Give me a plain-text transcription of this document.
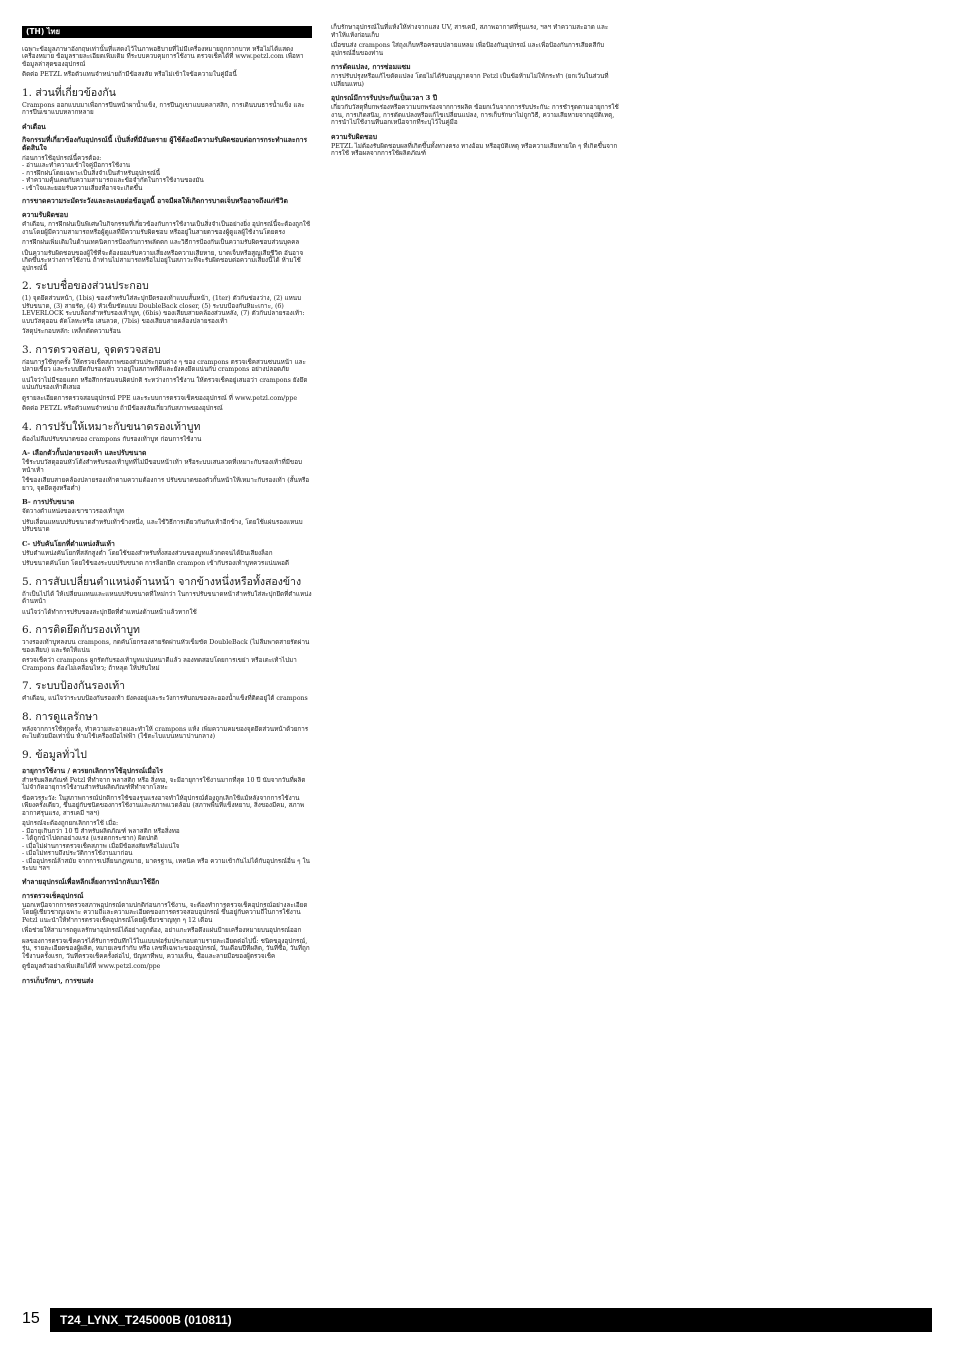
(TH) ไทย

เฉพาะข้อมูลภาษาอังกฤษเท่านั้นที่แสดงไว้ในภาพอธิบายที่ไม่มีเครื่องหมายถูกกากบาท หรือไม่ได้แสดงเครื่องหมาย ข้อมูลรายละเอียดเพิ่มเติม ที่ระบบควบคุมการใช้งาน ตรวจเช็คได้ที่ www.petzl.com เพื่อหาข้อมูลล่าสุดของอุปกรณ์

ติดต่อ PETZL หรือตัวแทนจำหน่ายถ้ามีข้อสงสัย หรือไม่เข้าใจข้อความในคู่มือนี้

1. ส่วนที่เกี่ยวข้องกัน

Crampons ออกแบบมาเพื่อการปีนหน้าผาน้ำแข็ง, การปีนภูเขาแบบคลาสสิก, การเดินบนธารน้ำแข็ง และการปีนเขาแบบหลากหลาย

คำเตือน
กิจกรรมที่เกี่ยวข้องกับอุปกรณ์นี้ เป็นสิ่งที่มีอันตราย ผู้ใช้ต้องมีความรับผิดชอบต่อการกระทำและการตัดสินใจ

ก่อนการใช้อุปกรณ์นี้ควรต้อง:

- อ่านและทำความเข้าใจคู่มือการใช้งาน

- การฝึกฝนโดยเฉพาะเป็นสิ่งจำเป็นสำหรับอุปกรณ์นี้

- ทำความคุ้นเคยกับความสามารถและข้อจำกัดในการใช้งานของมัน

- เข้าใจและยอมรับความเสี่ยงที่อาจจะเกิดขึ้น

การขาดความระมัดระวังและละเลยต่อข้อมูลนี้ อาจมีผลให้เกิดการบาดเจ็บหรืออาจถึงแก่ชีวิต
ความรับผิดชอบ

คำเตือน, การฝึกฝนเป็นพิเศษในกิจกรรมที่เกี่ยวข้องกับการใช้งานเป็นสิ่งจำเป็นอย่างยิ่ง อุปกรณ์นี้จะต้องถูกใช้งานโดยผู้มีความสามารถหรือผู้ดูแลที่มีความรับผิดชอบ หรืออยู่ในสายตาของผู้ดูแลผู้ใช้งานโดยตรง

การฝึกฝนเพิ่มเติมในด้านเทคนิคการป้องกันการพลัดตก และวิธีการป้องกันเป็นความรับผิดชอบส่วนบุคคล

เป็นความรับผิดชอบของผู้ใช้ที่จะต้องยอมรับความเสี่ยงหรือความเสียหาย, บาดเจ็บหรือสูญเสียชีวิต อันอาจเกิดขึ้นระหว่างการใช้งาน ถ้าท่านไม่สามารถหรือไม่อยู่ในสภาวะที่จะรับผิดชอบต่อความเสี่ยงนี้ได้ ห้ามใช้อุปกรณ์นี้

2. ระบบชื่อของส่วนประกอบ

(1) จุดยึดส่วนหน้า, (1bis) ของสำหรับใส่สะปุกยึดรองเท้าแบบสั้นหน้า, (1ter) ตัวกันช่องว่าง, (2) แหนบปรับขนาด, (3) สายรัด, (4) หัวเข็มขัดแบบ DoubleBack closer, (5) ระบบป้องกันหิมะเกาะ, (6) LEVERLOCK ระบบล็อกสำหรับรองเท้าบูท, (6bis) ของเสียบสายคล้องส่วนหลัง, (7) ตัวกันปลายรองเท้า: แบบวัสดุออน ตัดโลหะหรือ เสนลวด, (7bis) ของเสียบสายคล้องปลายรองเท้า

วัสดุประกอบหลัก: เหล็กดัดความร้อน

3. การตรวจสอบ, จุดตรวจสอบ

ก่อนการใช้ทุกครั้ง ให้ตรวจเช็คสภาพของส่วนประกอบต่าง ๆ ของ crampons ตรวจเช็คสวนซนนหน้า และปลายเขี้ยว และระบบยึดกับรองเท้า วาอยู่ในสภาพที่ดีและยังคงยึดแน่นกับ crampons อย่างปลอดภัย

แน่ใจว่าไม่มีรอยแตก หรือสึกกร่อนจนผิดปกติ ระหว่างการใช้งาน ให้ตรวจเช็คอยู่เสมอว่า crampons ยังยึดแน่นกับรองเท้าดีเสมอ

ดูรายละเอียดการตรวจสอบอุปกรณ์ PPE และระบบการตรวจเช็คของอุปกรณ์ ที่ www.petzl.com/ppe

ติดต่อ PETZL หรือตัวแทนจำหน่าย ถ้ามีข้อสงสัยเกี่ยวกับสภาพของอุปกรณ์

4. การปรับให้เหมาะกับขนาดรองเท้าบูท

ต้องไม่ลืมปรับขนาดของ crampons กับรองเท้าบูท ก่อนการใช้งาน

A- เลือกตัวกั้นปลายรองเท้า และปรับขนาด

ใช้ระบบวัสดุออนหัวโต้งสำหรับรองเท้าบูทที่ไม่มีขอบหน้าเท้า หรือระบบเสนลวดที่เหมาะกับรองเท้าที่มีขอบหน้าเท้า

ใช้ของเสียบสายคล้องปลายรองเท้าตามความต้องการ ปรับขนาดของตัวกั้นหน้าให้เหมาะกับรองเท้า (สั้นหรือยาว, จุดยึดสูงหรือต่ำ)

B- การปรับขนาด

จัดวางตำแหน่งของเขาขาวรองเท้าบูท

ปรับเลื่อนแหนบปรับขนาดสำหรับเท้าข้างหนึ่ง, และใช้วิธีการเดียวกันกับเท้าอีกข้าง, โดยใช้แผ่นรองแหนบปรับขนาด

C- ปรับคันโยกที่ตำแหน่งส้นเท้า

ปรับตำแหน่งคันโยกที่สลักสูงต่ำ โดยใช้ของสำหรับทั้งสองส่วนของบูทแล้วกดจนได้ยินเสียงล็อก

ปรับขนาดคันโยก โดยใช้ของระบบปรับขนาด การล็อกยึด crampon เข้ากับรองเท้าบูทควรแน่นพอดี

5. การสับเปลี่ยนตำแหน่งด้านหน้า จากข้างหนึ่งหรือทั้งสองข้าง

ถ้าเป็นไปได้ ให้เปลี่ยนแทนและแหนบปรับขนาดที่ใหม่กว่า ในการปรับขนาดหน้าสำหรับใส่สะปุกยึดที่ตำแหน่งด้านหน้า

แน่ใจว่าได้ทำการปรับของสะปุกยึดที่ตำแหน่งด้านหน้าแล้วหากใช้

6. การติดยึดกับรองเท้าบูท

วางรองเท้าบูทลงบน crampons, กดคันโยกรองสายรัดผ่านหัวเข็มขัด DoubleBack (ไม่ลืมพาดสายรัดผ่านของเสียบ) และรัดให้แน่น

ตรวจเช็คว่า crampons ผูกรัดกับรองเท้าบูทแน่นหนาดีแล้ว ลองทดสอบโดยการเขย่า หรือเตะเท้าไปมา Crampons ต้องไม่เคลื่อนไหว; ถ้าหลุด ให้ปรับใหม่

7. ระบบป้องกันรองเท้า

คำเตือน, แน่ใจว่าระบบป้องกันรองเท้า ยังคงอยู่และระวังการทับถมของละอองน้ำแข็งที่ติดอยู่ใต้ crampons

8. การดูแลรักษา

หลังจากการใช้ทุกครั้ง, ทำความสะอาดและทำให้ crampons แห้ง เพิ่มความคมของจุดยึดส่วนหน้าด้วยการตะไบด้วยมือเท่านั้น ห้ามใช้เครื่องมือไฟฟ้า (ใช้ตะไบแบนหนาปานกลาง)

9. ข้อมูลทั่วไป
อายุการใช้งาน / ควรยกเลิกการใช้อุปกรณ์เมื่อไร

สำหรับผลิตภัณฑ์ Petzl ที่ทำจาก พลาสติก หรือ สิ่งทอ, จะมีอายุการใช้งานมากที่สุด 10 ปี นับจากวันที่ผลิต ไม่จำกัดอายุการใช้งานสำหรับผลิตภัณฑ์ที่ทำจากโลหะ

ข้อควรระวัง: ในสภาพการณ์ปกติการใช้ของรุนแรงอาจทำให้อุปกรณ์ต้องถูกเลิกใช้แม้หลังจากการใช้งานเพียงครั้งเดียว, ขึ้นอยู่กับชนิดของการใช้งานและสภาพแวดล้อม (สภาพพื้นที่แข็งหยาบ, สิ่งของมีคม, สภาพอากาศรุนแรง, สารเคมี ฯลฯ)

อุปกรณ์จะต้องถูกยกเลิกการใช้ เมื่อ:

- มีอายุเกินกว่า 10 ปี สำหรับผลิตภัณฑ์ พลาสติก หรือสิ่งทอ

- ได้ถูกนำไปตกอย่างแรง (แรงตกกระชาก) ผิดปกติ

- เมื่อไม่ผ่านการตรวจเช็คสภาพ เมื่อมีข้อสงสัยหรือไม่แน่ใจ

- เมื่อไม่ทราบถึงประวัติการใช้งานมาก่อน

- เมื่ออุปกรณ์ล้าสมัย จากการเปลี่ยนกฎหมาย, มาตรฐาน, เทคนิค หรือ ความเข้ากันไม่ได้กับอุปกรณ์อื่น ๆ ในระบบ ฯลฯ

ทำลายอุปกรณ์เพื่อหลีกเลี่ยงการนำกลับมาใช้อีก
การตรวจเช็คอุปกรณ์

นอกเหนือจากการตรวจสภาพอุปกรณ์ตามปกติก่อนการใช้งาน, จะต้องทำการตรวจเช็คอุปกรณ์อย่างละเอียดโดยผู้เชี่ยวชาญเฉพาะ ความถี่และความละเอียดของการตรวจสอบอุปกรณ์ ขึ้นอยู่กับความถี่ในการใช้งาน Petzl แนะนำให้ทำการตรวจเช็คอุปกรณ์โดยผู้เชี่ยวชาญทุก ๆ 12 เดือน

เพื่อช่วยให้สามารถดูแลรักษาอุปกรณ์ได้อย่างถูกต้อง, อย่าแกะหรือดึงแผ่นป้ายเครื่องหมายบนอุปกรณ์ออก

ผลของการตรวจเช็คควรได้รับการบันทึกไว้ในแบบฟอร์มประกอบตามรายละเอียดต่อไปนี้: ชนิดของอุปกรณ์, รุ่น, รายละเอียดของผู้ผลิต, หมายเลขกำกับ หรือ เลขที่เฉพาะของอุปกรณ์, วันเดือนปีที่ผลิต, วันที่ซื้อ, วันที่ถูกใช้งานครั้งแรก, วันที่ตรวจเช็คครั้งต่อไป, ปัญหาที่พบ, ความเห็น, ชื่อและลายมือของผู้ตรวจเช็ค

ดูข้อมูลตัวอย่างเพิ่มเติมได้ที่ www.petzl.com/ppe

การเก็บรักษา, การขนส่ง

เก็บรักษาอุปกรณ์ในที่แห้งให้ห่างจากแสง UV, สารเคมี, สภาพอากาศที่รุนแรง, ฯลฯ ทำความสะอาด และทำให้แห้งก่อนเก็บ

เมื่อขนส่ง crampons ใส่ถุงเก็บหรือครอบปลายแหลม เพื่อป้องกันอุปกรณ์ และเพื่อป้องกันการเสียดสีกับอุปกรณ์อื่นของท่าน

การดัดแปลง, การซ่อมแซม

การปรับปรุงหรือแก้ไขดัดแปลง โดยไม่ได้รับอนุญาตจาก Petzl เป็นข้อห้ามไม่ให้กระทำ (ยกเว้นในส่วนที่เปลี่ยนแทน)

อุปกรณ์มีการรับประกันเป็นเวลา 3 ปี

เกี่ยวกับวัสดุที่บกพร่องหรือความบกพร่องจากการผลิต ข้อยกเว้นจากการรับประกัน: การชำรุดตามอายุการใช้งาน, การเกิดสนิม, การดัดแปลงหรือแก้ไขเปลี่ยนแปลง, การเก็บรักษาไม่ถูกวิธี, ความเสียหายจากอุบัติเหตุ, การนำไปใช้งานที่นอกเหนือจากที่ระบุไว้ในคู่มือ

ความรับผิดชอบ

PETZL ไม่ต้องรับผิดชอบผลที่เกิดขึ้นทั้งทางตรง ทางอ้อม หรืออุบัติเหตุ หรือความเสียหายใด ๆ ที่เกิดขึ้นจากการใช้ หรือผลจากการใช้ผลิตภัณฑ์

15	T24_LYNX_T245000B (010811)
